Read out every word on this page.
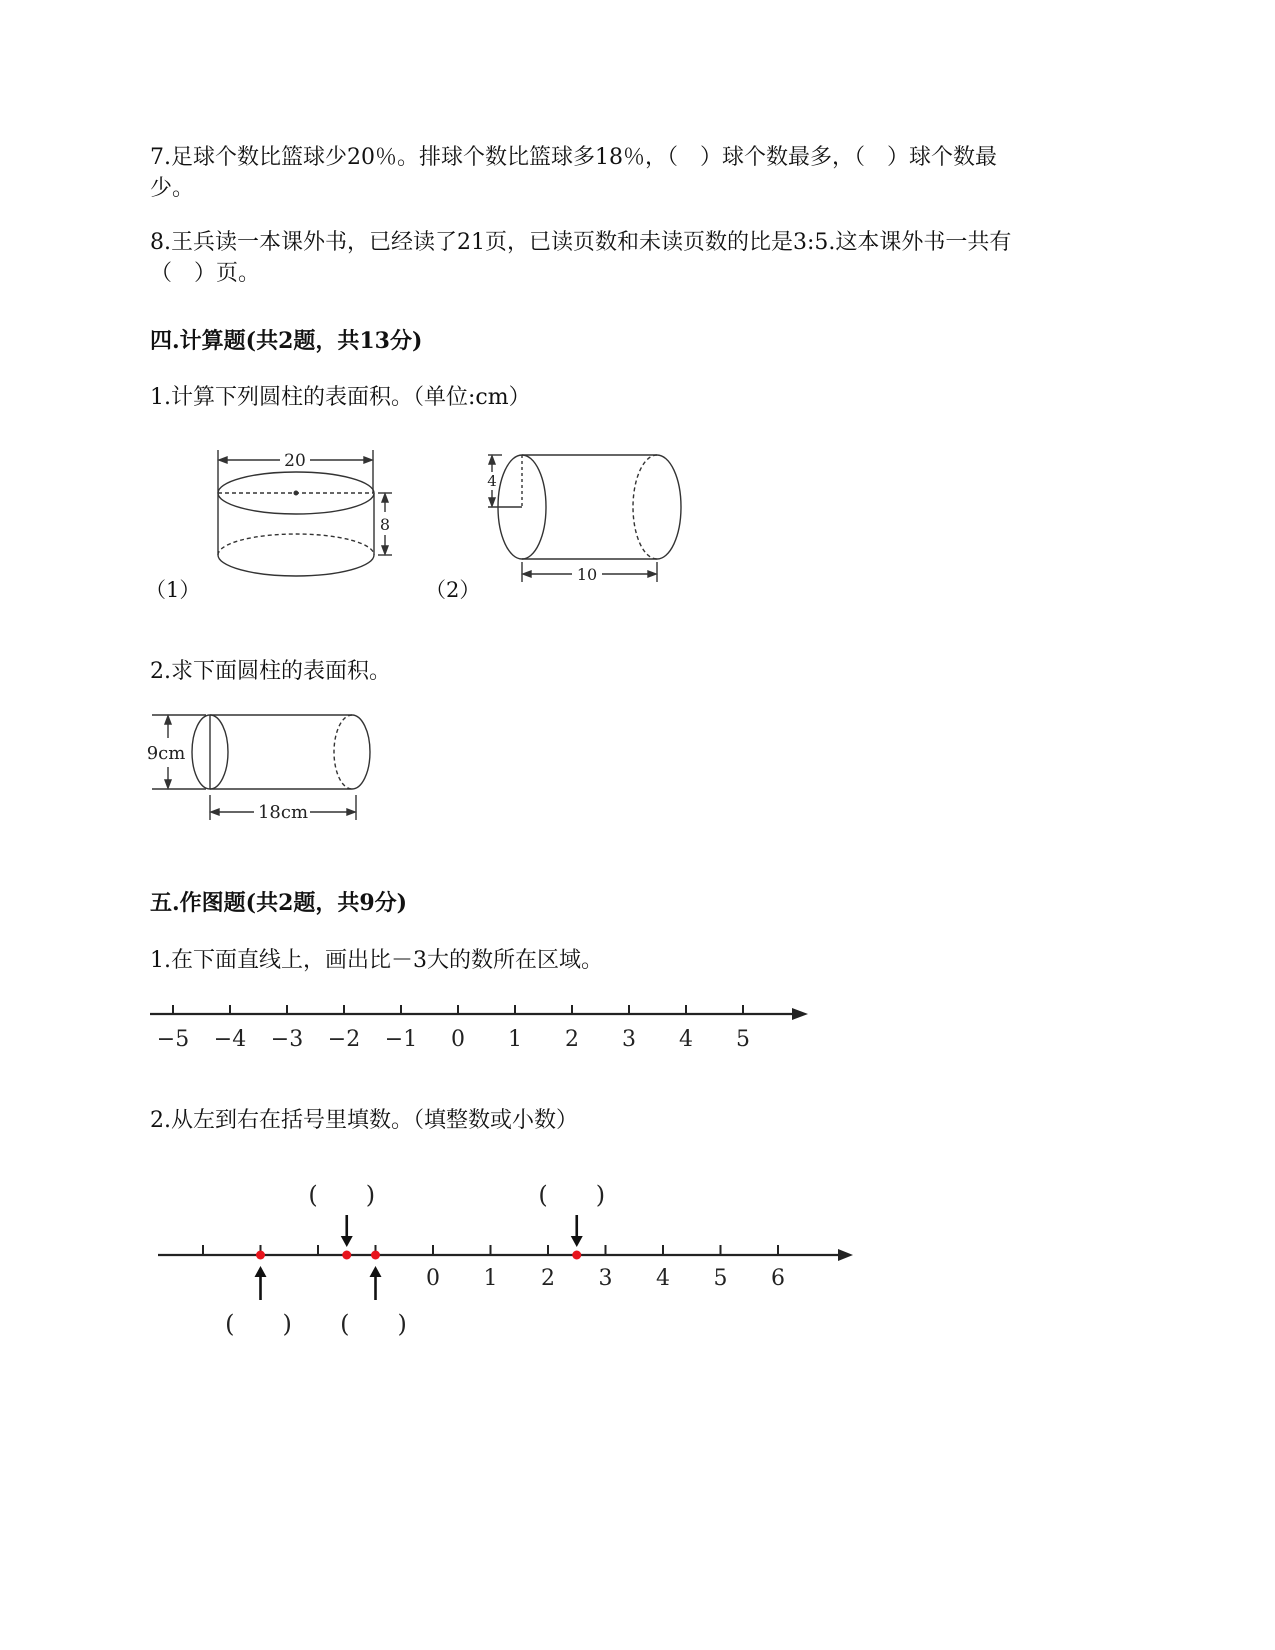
7.足球个数比篮球少20％。排球个数比篮球多18％，（　）球个数最多，（　）球个数最
少。
8.王兵读一本课外书，已经读了21页，已读页数和未读页数的比是3:5.这本课外书一共有
（　）页。
四.计算题(共2题，共13分)
1.计算下列圆柱的表面积。（单位:cm）
20
8
（1）
4
10
（2）
2.求下面圆柱的表面积。
9cm
18cm
五.作图题(共2题，共9分)
1.在下面直线上，画出比－3大的数所在区域。
−5 −4 −3 −2 −1 0 1 2 3 4 5
2.从左到右在括号里填数。（填整数或小数）
0 1 2 3 4 5 6
(　　)
(　　)
(　　)
(　　)
